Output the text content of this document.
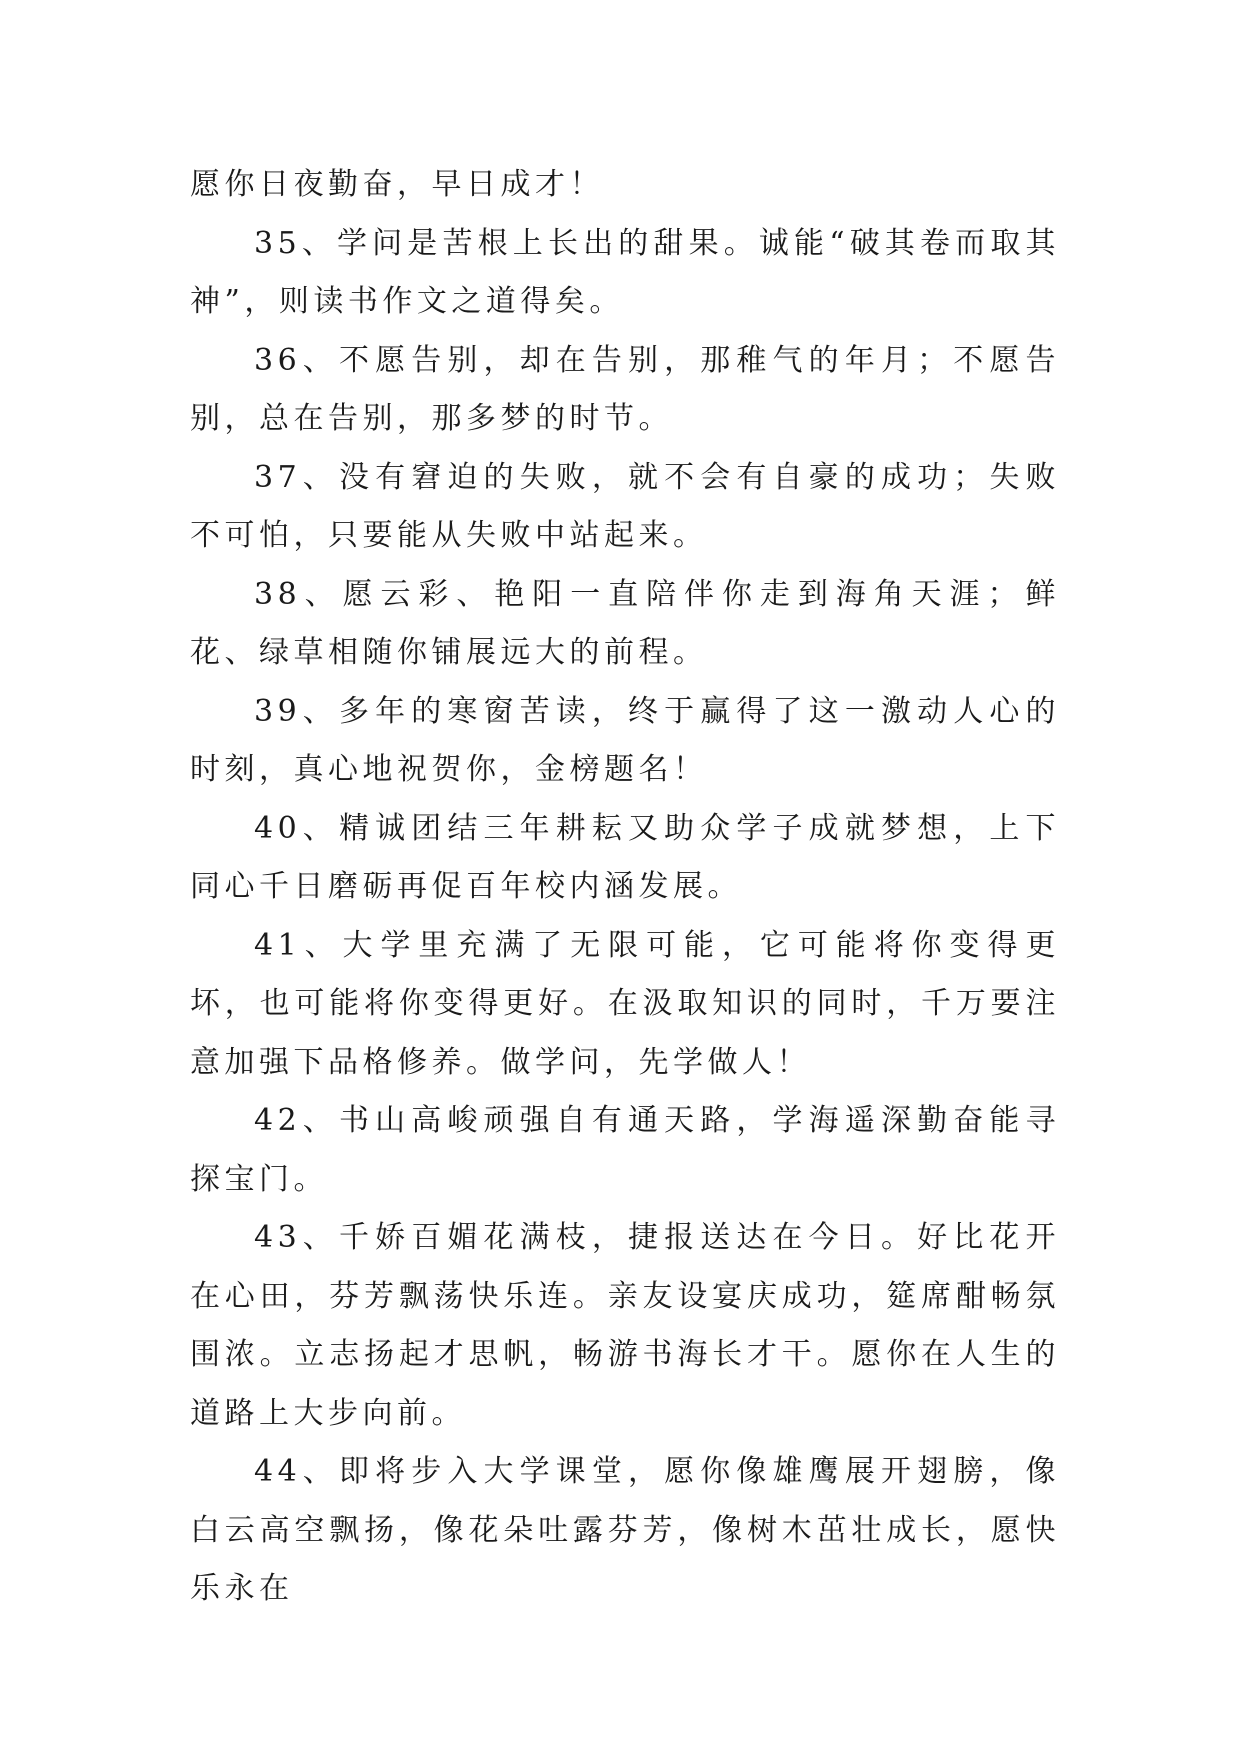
愿你日夜勤奋，早日成才！

35、学问是苦根上长出的甜果。诚能“破其卷而取其神”，则读书作文之道得矣。

36、不愿告别，却在告别，那稚气的年月；不愿告别，总在告别，那多梦的时节。

37、没有窘迫的失败，就不会有自豪的成功；失败不可怕，只要能从失败中站起来。

38、愿云彩、艳阳一直陪伴你走到海角天涯；鲜花、绿草相随你铺展远大的前程。

39、多年的寒窗苦读，终于赢得了这一激动人心的时刻，真心地祝贺你，金榜题名！

40、精诚团结三年耕耘又助众学子成就梦想，上下同心千日磨砺再促百年校内涵发展。

41、大学里充满了无限可能，它可能将你变得更坏，也可能将你变得更好。在汲取知识的同时，千万要注意加强下品格修养。做学问，先学做人！

42、书山高峻顽强自有通天路，学海遥深勤奋能寻探宝门。

43、千娇百媚花满枝，捷报送达在今日。好比花开在心田，芬芳飘荡快乐连。亲友设宴庆成功，筵席酣畅氛围浓。立志扬起才思帆，畅游书海长才干。愿你在人生的道路上大步向前。

44、即将步入大学课堂，愿你像雄鹰展开翅膀，像白云高空飘扬，像花朵吐露芬芳，像树木茁壮成长，愿快乐永在
